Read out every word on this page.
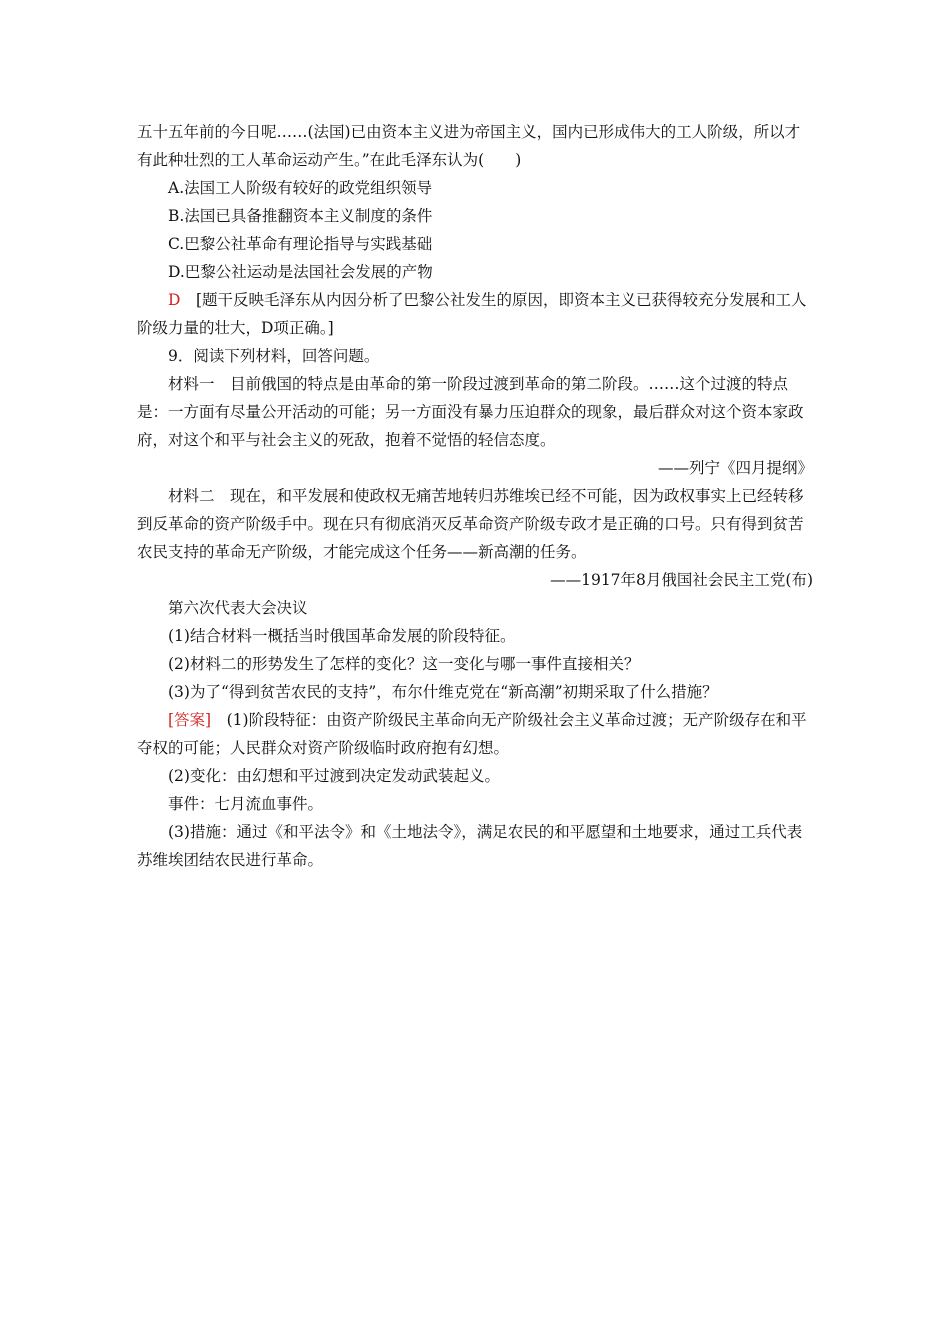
五十五年前的今日呢……(法国)已由资本主义进为帝国主义，国内已形成伟大的工人阶级，所以才有此种壮烈的工人革命运动产生。”在此毛泽东认为(　　)

A.法国工人阶级有较好的政党组织领导

B.法国已具备推翻资本主义制度的条件

C.巴黎公社革命有理论指导与实践基础

D.巴黎公社运动是法国社会发展的产物

D　 [题干反映毛泽东从内因分析了巴黎公社发生的原因，即资本主义已获得较充分发展和工人阶级力量的壮大，D项正确。]

9．阅读下列材料，回答问题。

材料一　目前俄国的特点是由革命的第一阶段过渡到革命的第二阶段。……这个过渡的特点是：一方面有尽量公开活动的可能；另一方面没有暴力压迫群众的现象，最后群众对这个资本家政府，对这个和平与社会主义的死敌，抱着不觉悟的轻信态度。

——列宁《四月提纲》

材料二　现在，和平发展和使政权无痛苦地转归苏维埃已经不可能，因为政权事实上已经转移到反革命的资产阶级手中。现在只有彻底消灭反革命资产阶级专政才是正确的口号。只有得到贫苦农民支持的革命无产阶级，才能完成这个任务——新高潮的任务。

——1917年8月俄国社会民主工党(布)

第六次代表大会决议

(1)结合材料一概括当时俄国革命发展的阶段特征。

(2)材料二的形势发生了怎样的变化？这一变化与哪一事件直接相关？

(3)为了“得到贫苦农民的支持”，布尔什维克党在“新高潮”初期采取了什么措施？

[答案]　 (1)阶段特征：由资产阶级民主革命向无产阶级社会主义革命过渡；无产阶级存在和平夺权的可能；人民群众对资产阶级临时政府抱有幻想。

(2)变化：由幻想和平过渡到决定发动武装起义。

事件：七月流血事件。

(3)措施：通过《和平法令》和《土地法令》，满足农民的和平愿望和土地要求，通过工兵代表苏维埃团结农民进行革命。
